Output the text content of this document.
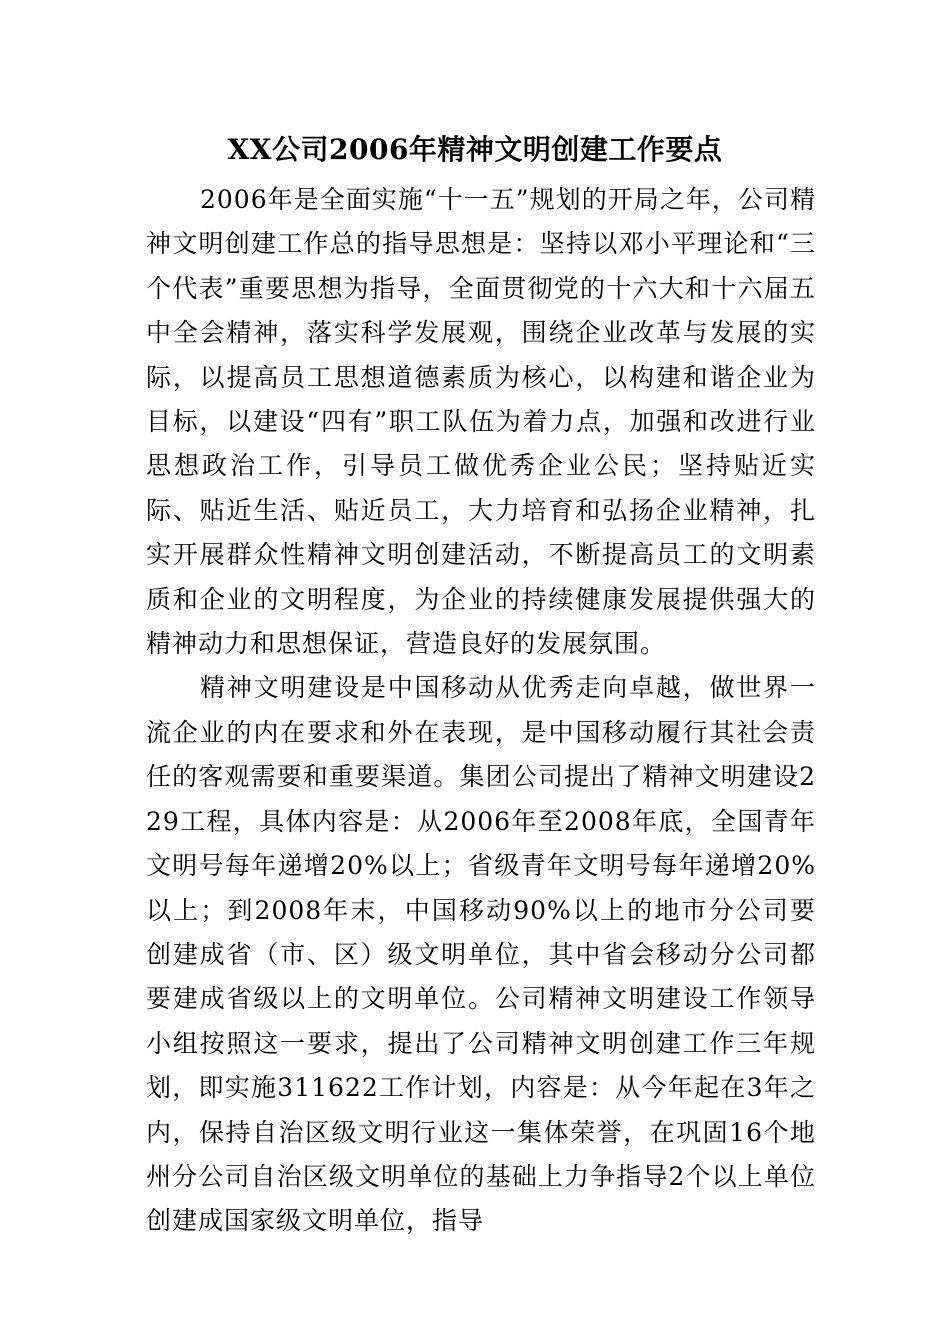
XX公司2006年精神文明创建工作要点

2006年是全面实施“十一五”规划的开局之年，公司精神文明创建工作总的指导思想是：坚持以邓小平理论和“三个代表”重要思想为指导，全面贯彻党的十六大和十六届五中全会精神，落实科学发展观，围绕企业改革与发展的实际，以提高员工思想道德素质为核心，以构建和谐企业为目标，以建设“四有”职工队伍为着力点，加强和改进行业思想政治工作，引导员工做优秀企业公民；坚持贴近实际、贴近生活、贴近员工，大力培育和弘扬企业精神，扎实开展群众性精神文明创建活动，不断提高员工的文明素质和企业的文明程度，为企业的持续健康发展提供强大的精神动力和思想保证，营造良好的发展氛围。

精神文明建设是中国移动从优秀走向卓越，做世界一流企业的内在要求和外在表现，是中国移动履行其社会责任的客观需要和重要渠道。集团公司提出了精神文明建设229工程，具体内容是：从2006年至2008年底，全国青年文明号每年递增20%以上；省级青年文明号每年递增20%以上；到2008年末，中国移动90%以上的地市分公司要创建成省（市、区）级文明单位，其中省会移动分公司都要建成省级以上的文明单位。公司精神文明建设工作领导小组按照这一要求，提出了公司精神文明创建工作三年规划，即实施311622工作计划，内容是：从今年起在3年之内，保持自治区级文明行业这一集体荣誉，在巩固16个地州分公司自治区级文明单位的基础上力争指导2个以上单位创建成国家级文明单位，指导
